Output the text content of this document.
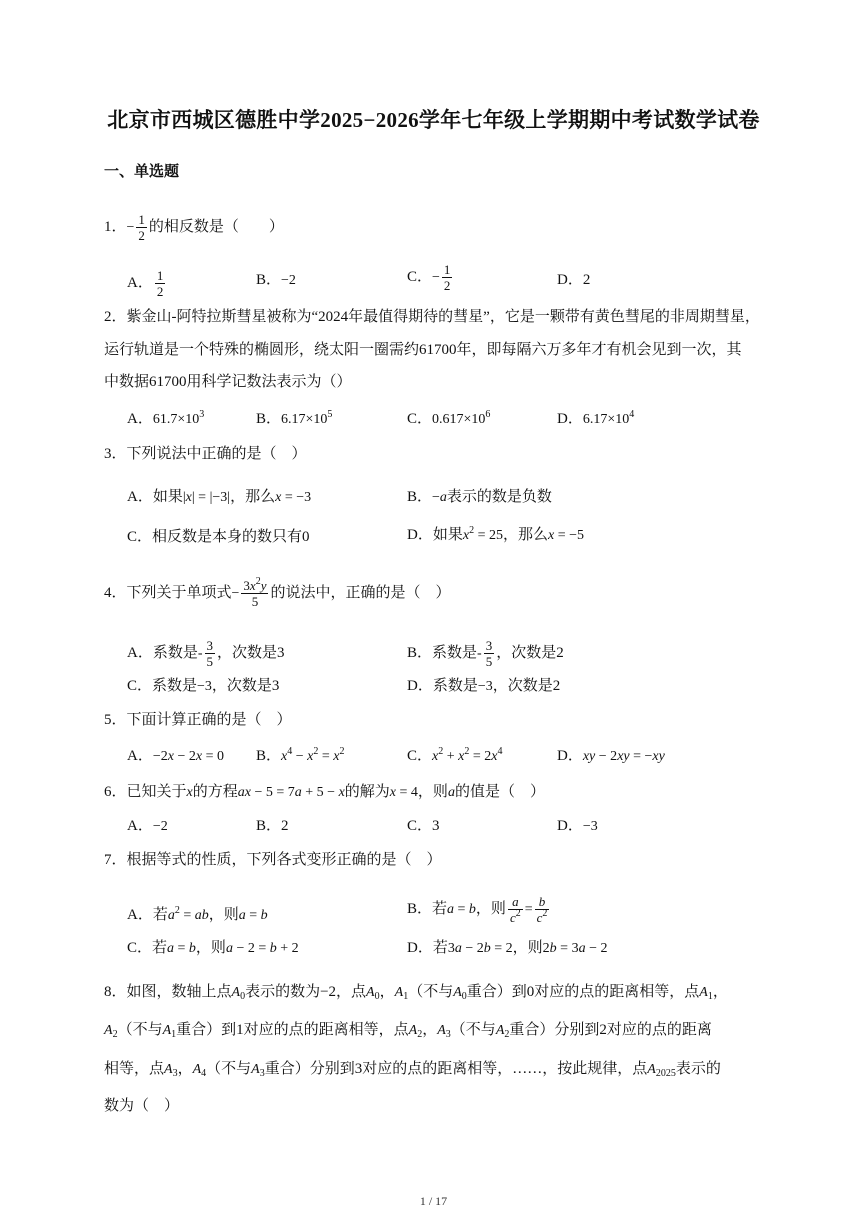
北京市西城区德胜中学2025−2026学年七年级上学期期中考试数学试卷
一、单选题
1．− $\frac{1}{2}$ 的相反数是（　　）
A． $\frac{1}{2}$	B．−2	C．− $\frac{1}{2}$	D．2
2．紫金山-阿特拉斯彗星被称为“2024年最值得期待的彗星”，它是一颗带有黄色彗尾的非周期彗星，
运行轨道是一个特殊的椭圆形，绕太阳一圈需约61700年，即每隔六万多年才有机会见到一次，其
中数据61700用科学记数法表示为（）
A．$61.7\times 10^3$	B．$6.17\times 10^5$	C．$0.617\times 10^6$	D．$6.17\times 10^4$
3．下列说法中正确的是（　）
A．如果|x| = |−3|，那么x = −3	B．−a表示的数是负数
C．相反数是本身的数只有0	D．如果$x^2 = 25$，那么x = −5
4．下列关于单项式− $\frac{3x^2y}{5}$ 的说法中，正确的是（　）
A．系数是- $\frac{3}{5}$ ，次数是3	B．系数是- $\frac{3}{5}$ ，次数是2
C．系数是−3，次数是3	D．系数是−3，次数是2
5．下面计算正确的是（　）
A．−2x − 2x = 0 B．$x^4 - x^2 = x^2$	C．$x^2 + x^2 = 2x^4$	D．xy − 2xy = −xy
6．已知关于x的方程ax − 5 = 7a + 5 − x的解为x = 4，则a的值是（　）
A．−2	B．2	C．3	D．−3
7．根据等式的性质，下列各式变形正确的是（　）
A．若$a^2$ = ab，则a = b	B．若a = b，则 $\frac{a}{c^2} = \frac{b}{c^2}$
C．若a = b，则a − 2 = b + 2	D．若3a − 2b = 2，则2b = 3a − 2
8．如图，数轴上点$A_0$表示的数为−2，点$A_0$，$A_1$（不与$A_0$重合）到0对应的点的距离相等，点$A_1$，
$A_2$（不与$A_1$重合）到1对应的点的距离相等，点$A_2$，$A_3$（不与$A_2$重合）分别到2对应的点的距离
相等，点$A_3$，$A_4$（不与$A_3$重合）分别到3对应的点的距离相等，……，按此规律，点$A_{2025}$表示的
数为（　）
1 / 17
